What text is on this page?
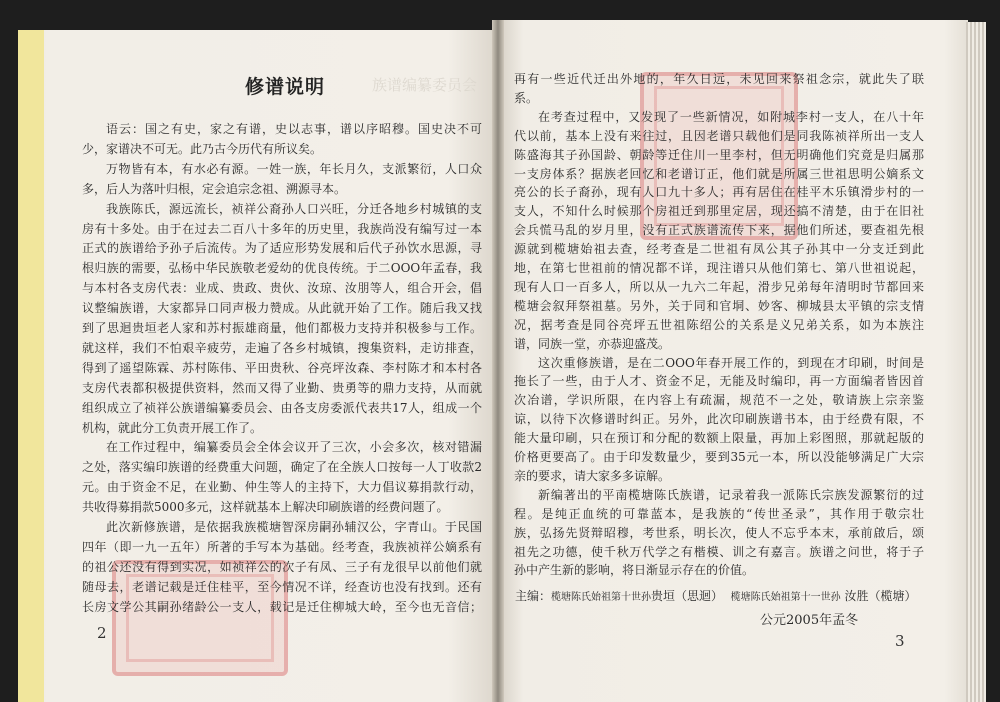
族谱编纂委员会
修谱说明
语云：国之有史，家之有谱，史以志事，谱以序昭穆。国史决不可
少，家谱决不可无。此乃古今历代有所议矣。
万物皆有本，有水必有源。一姓一族，年长月久，支派繁衍，人口众
多，后人为落叶归根，定会追宗念祖、溯源寻本。
我族陈氏，源远流长，祯祥公裔孙人口兴旺，分迁各地乡村城镇的支
房有十多处。由于在过去二百八十多年的历史里，我族尚没有编写过一本
正式的族谱给予孙子后流传。为了适应形势发展和后代子孙饮水思源，寻
根归族的需要，弘杨中华民族敬老爱幼的优良传统。于二OOO年孟春，我
与本村各支房代表：业成、贵政、贵伙、汝琼、汝朋等人，组合开会，倡
议整编族谱，大家都异口同声极力赞成。从此就开始了工作。随后我又找
到了思迴贵垣老人家和苏村振雄商量，他们都极力支持并积极参与工作。
就这样，我们不怕艰辛疲劳，走遍了各乡村城镇，搜集资料，走访排查，
得到了遥望陈霖、苏村陈伟、平田贵秋、谷亮坪汝森、李村陈才和本村各
支房代表都积极提供资料，然而又得了业勤、贵勇等的鼎力支持，从而就
组织成立了祯祥公族谱编纂委员会、由各支房委派代表共17人，组成一个
机构，就此分工负责开展工作了。
在工作过程中，编纂委员会全体会议开了三次，小会多次，核对错漏
之处，落实编印族谱的经费重大问题，确定了在全族人口按每一人丁收款2
元。由于资金不足，在业勤、仲生等人的主持下，大力倡议募捐款行动，
共收得募捐款5000多元，这样就基本上解决印刷族谱的经费问题了。
此次新修族谱，是依据我族榄塘智深房嗣孙辅汉公，字青山。于民国
四年（即一九一五年）所著的手写本为基础。经考查，我族祯祥公嫡系有
的祖公还没有得到实况，如祯祥公的次子有凤、三子有龙很早以前他们就
随母去，老谱记载是迁住桂平，至今情况不详，经查访也没有找到。还有
长房文学公其嗣孙绪龄公一支人，载记是迁住柳城大岭，至今也无音信；
再有一些近代迁出外地的，年久日远，未见回来祭祖念宗，就此失了联
系。
在考查过程中，又发现了一些新情况，如附城李村一支人，在八十年
代以前，基本上没有来往过，且因老谱只载他们是同我陈祯祥所出一支人
陈盛海其子孙国龄、朝龄等迁住川一里李村，但无明确他们究竟是归属那
一支房体系？据族老回忆和老谱订正，他们就是所属三世祖思明公嫡系文
亮公的长子裔孙，现有人口九十多人；再有居住在桂平木乐镇滑步村的一
支人，不知什么时候那个房祖迁到那里定居，现还搞不清楚，由于在旧社
会兵慌马乱的岁月里，没有正式族谱流传下来，据他们所述，要查祖先根
源就到榄塘始祖去查，经考查是二世祖有凤公其子孙其中一分支迁到此
地，在第七世祖前的情况都不详，现注谱只从他们第七、第八世祖说起，
现有人口一百多人，所以从一九六二年起，滑步兄弟每年清明时节都回来
榄塘会叙拜祭祖墓。另外，关于同和官垌、妙客、柳城县太平镇的宗支情
况，据考查是同谷亮坪五世祖陈绍公的关系是义兄弟关系，如为本族注
谱，同族一堂，亦恭迎盛茂。
这次重修族谱，是在二OOO年春开展工作的，到现在才印刷，时间是
拖长了一些，由于人才、资金不足，无能及时编印，再一方面编者皆因首
次冶谱，学识所限，在内容上有疏漏，规范不一之处，敬请族上宗亲鉴
谅，以待下次修谱时纠正。另外，此次印刷族谱书本，由于经费有限，不
能大量印刷，只在预订和分配的数额上限量，再加上彩图照，那就起版的
价格更要高了。由于印发数量少，要到35元一本，所以没能够满足广大宗
亲的要求，请大家多多谅解。
新编著出的平南榄塘陈氏族谱，记录着我一派陈氏宗族发源繁衍的过
程。是纯正血统的可靠蓝本，是我族的“传世圣录”，其作用于敬宗壮
族，弘扬先贤辩昭穆，考世系，明长次，使人不忘乎本末，承前啟后，颂
祖先之功德，使千秋万代学之有楷模、训之有嘉言。族谱之问世，将于子
孙中产生新的影响，将日渐显示存在的价值。
主编：榄塘陈氏始祖第十世孙贵垣（思迴） 榄塘陈氏始祖第十一世孙 汝胜（榄塘）
公元2005年孟冬
2	3
